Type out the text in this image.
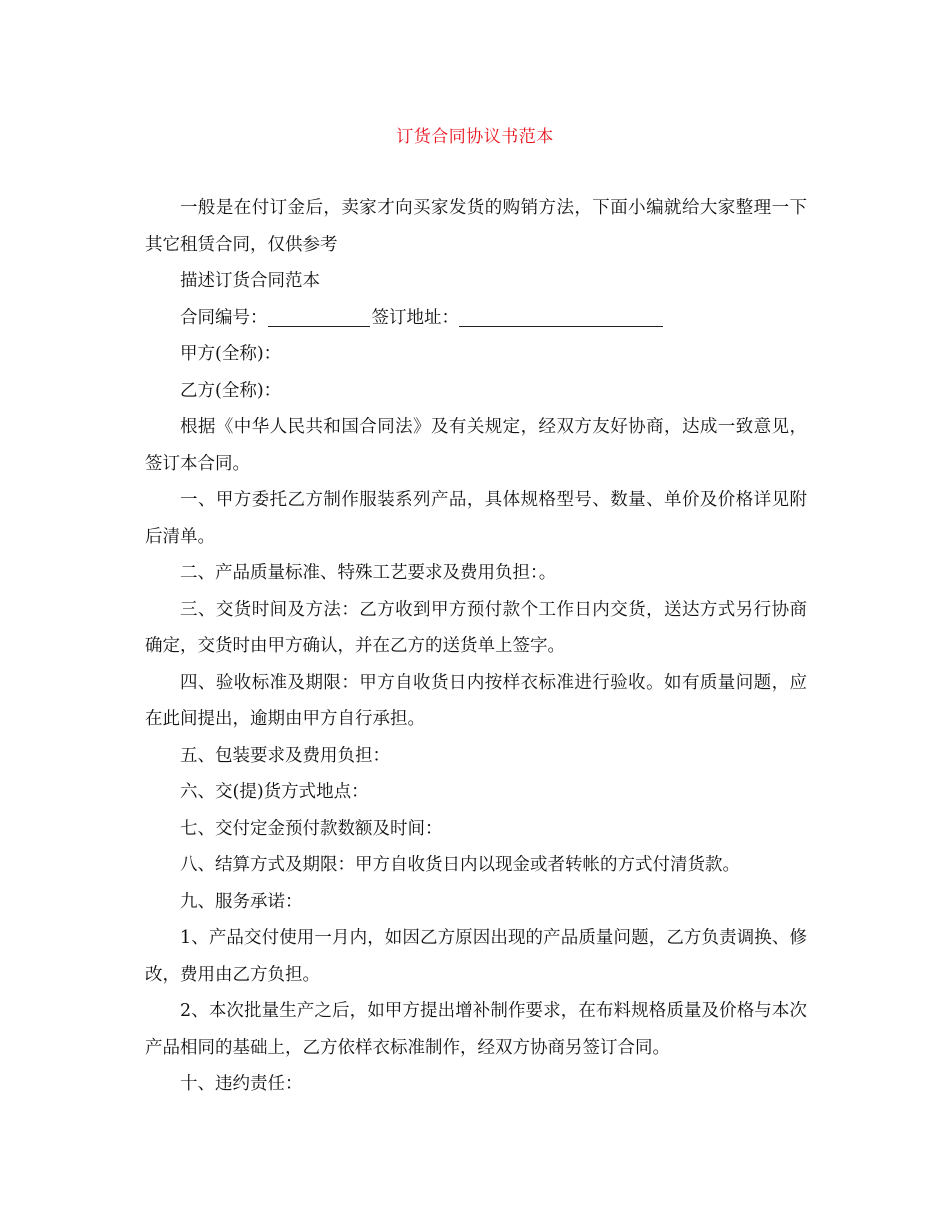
订货合同协议书范本

一般是在付订金后，卖家才向买家发货的购销方法，下面小编就给大家整理一下其它租赁合同，仅供参考

描述订货合同范本

合同编号：	签订地址：

甲方(全称)：

乙方(全称)：

根据《中华人民共和国合同法》及有关规定，经双方友好协商，达成一致意见，签订本合同。

一、甲方委托乙方制作服装系列产品，具体规格型号、数量、单价及价格详见附后清单。

二、产品质量标准、特殊工艺要求及费用负担：。

三、交货时间及方法：乙方收到甲方预付款个工作日内交货，送达方式另行协商确定，交货时由甲方确认，并在乙方的送货单上签字。

四、验收标准及期限：甲方自收货日内按样衣标准进行验收。如有质量问题，应在此间提出，逾期由甲方自行承担。

五、包装要求及费用负担：

六、交(提)货方式地点：

七、交付定金预付款数额及时间：

八、结算方式及期限：甲方自收货日内以现金或者转帐的方式付清货款。

九、服务承诺：

1、产品交付使用一月内，如因乙方原因出现的产品质量问题，乙方负责调换、修改，费用由乙方负担。

2、本次批量生产之后，如甲方提出增补制作要求，在布料规格质量及价格与本次产品相同的基础上，乙方依样衣标准制作，经双方协商另签订合同。

十、违约责任：
